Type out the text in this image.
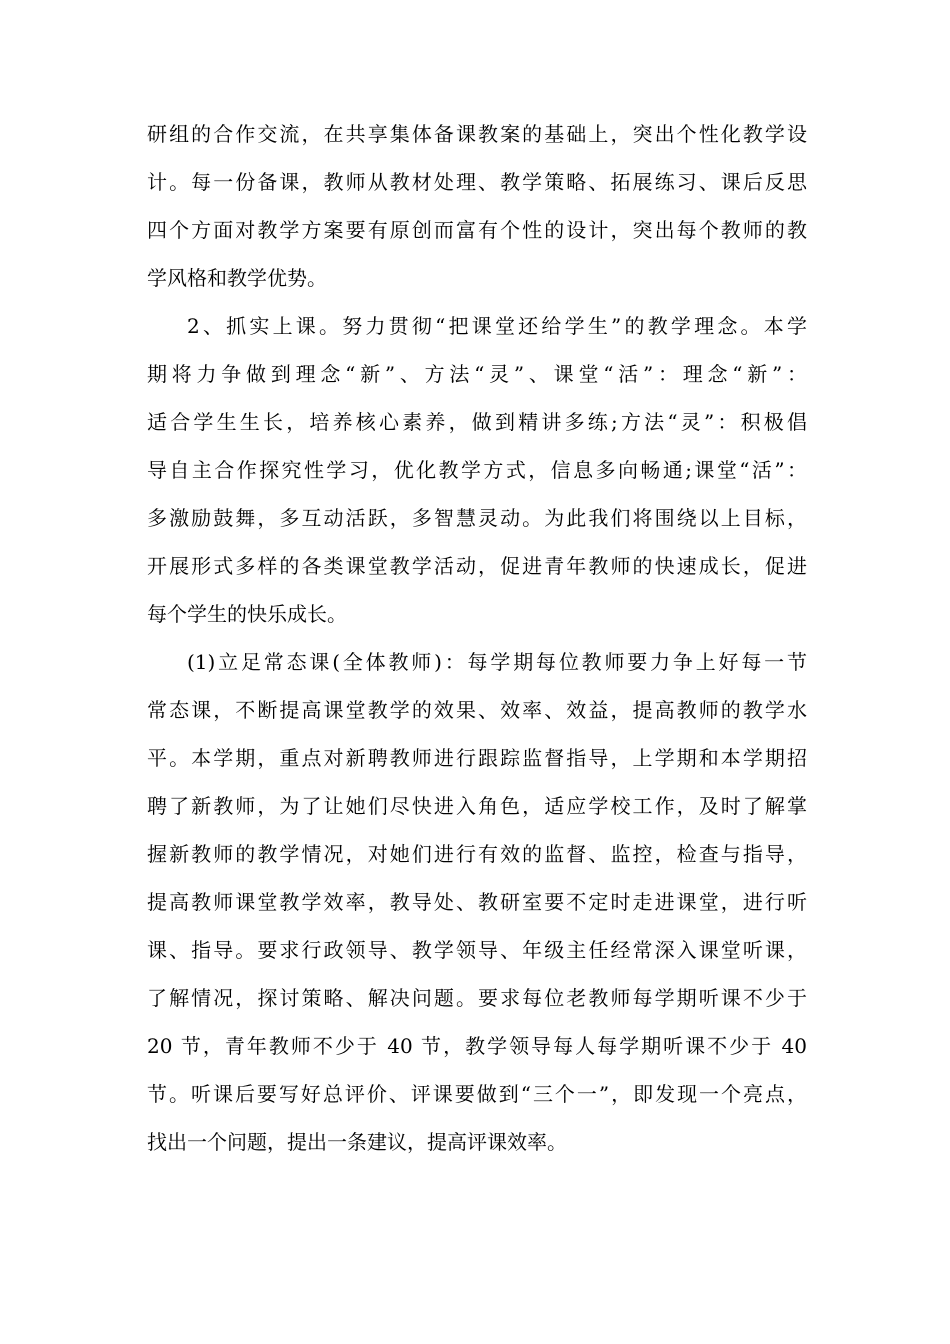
研组的合作交流，在共享集体备课教案的基础上，突出个性化教学设
计。每一份备课，教师从教材处理、教学策略、拓展练习、课后反思
四个方面对教学方案要有原创而富有个性的设计，突出每个教师的教
学风格和教学优势。
2、抓实上课。努力贯彻“把课堂还给学生”的教学理念。本学
期将力争做到理念“新”、方法“灵”、课堂“活”：理念“新”：
适合学生生长，培养核心素养，做到精讲多练;方法“灵”：积极倡
导自主合作探究性学习，优化教学方式，信息多向畅通;课堂“活”：
多激励鼓舞，多互动活跃，多智慧灵动。为此我们将围绕以上目标，
开展形式多样的各类课堂教学活动，促进青年教师的快速成长，促进
每个学生的快乐成长。
(1)立足常态课(全体教师)：每学期每位教师要力争上好每一节
常态课，不断提高课堂教学的效果、效率、效益，提高教师的教学水
平。本学期，重点对新聘教师进行跟踪监督指导，上学期和本学期招
聘了新教师，为了让她们尽快进入角色，适应学校工作，及时了解掌
握新教师的教学情况，对她们进行有效的监督、监控，检查与指导，
提高教师课堂教学效率，教导处、教研室要不定时走进课堂，进行听
课、指导。要求行政领导、教学领导、年级主任经常深入课堂听课，
了解情况，探讨策略、解决问题。要求每位老教师每学期听课不少于
20 节，青年教师不少于 40 节，教学领导每人每学期听课不少于 40
节。听课后要写好总评价、评课要做到“三个一”，即发现一个亮点，
找出一个问题，提出一条建议，提高评课效率。
